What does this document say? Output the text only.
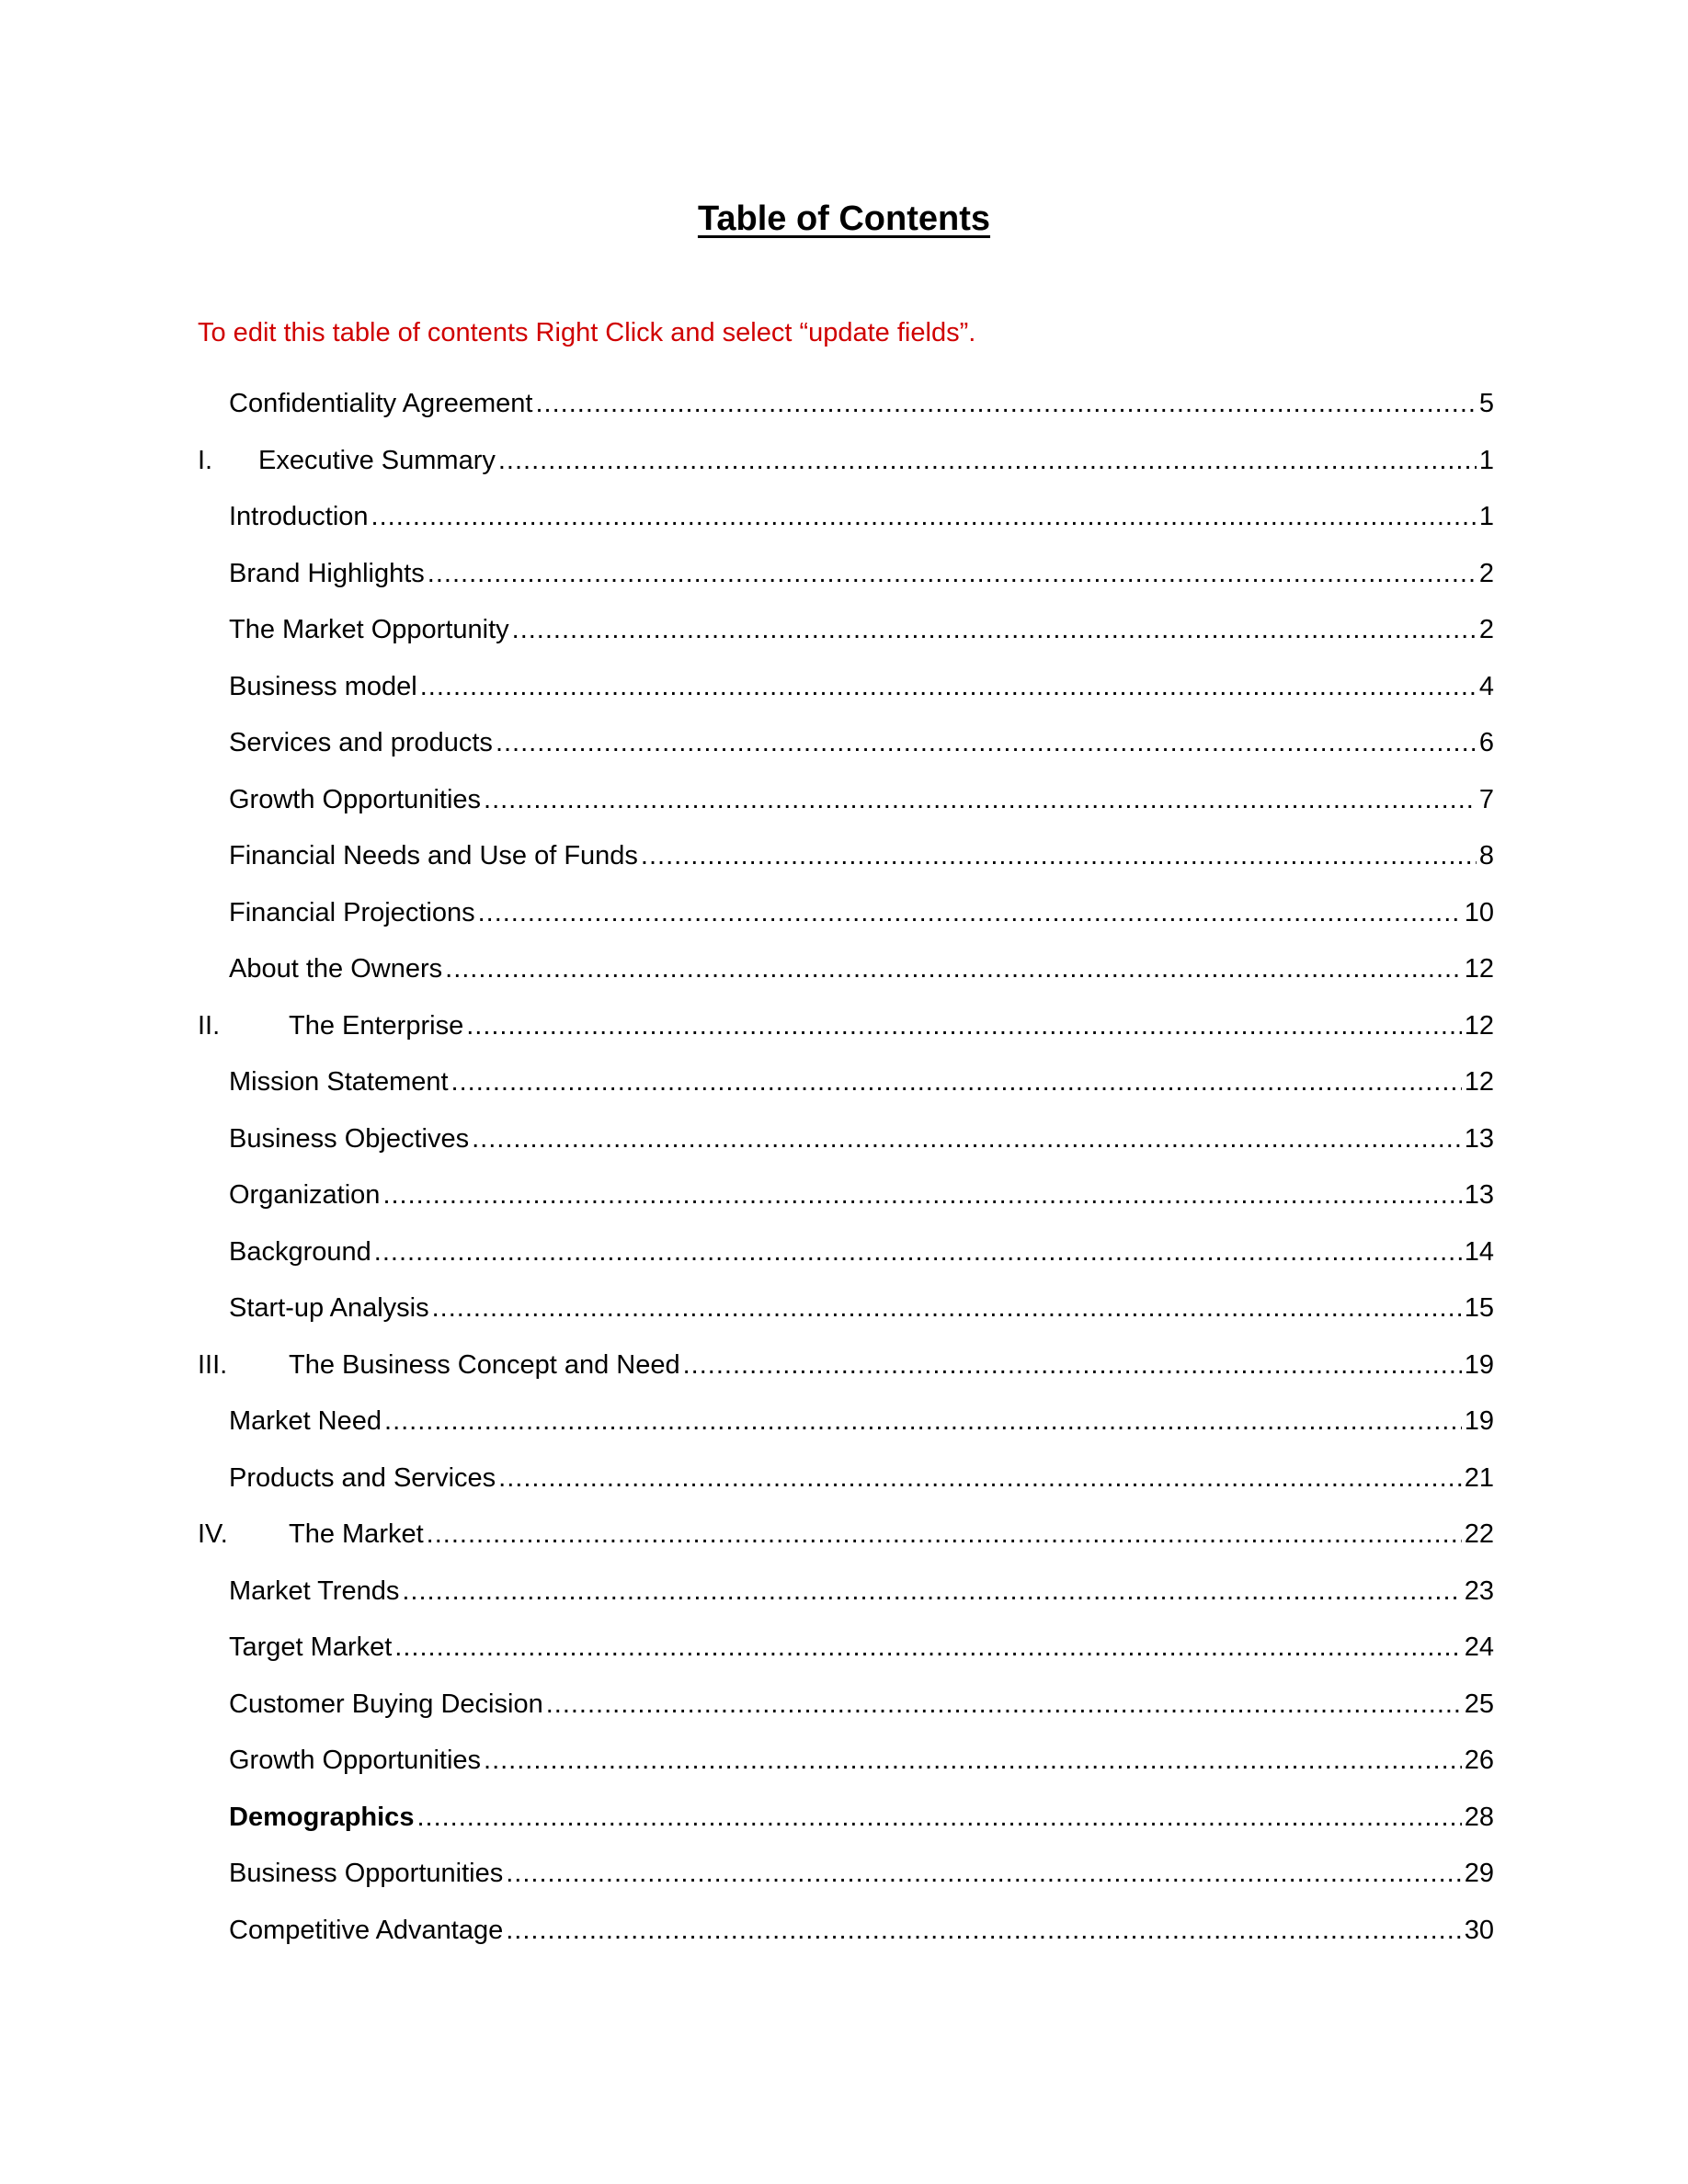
Table of Contents

To edit this table of contents Right Click and select “update fields”.

Confidentiality Agreement .....	5
I.	Executive Summary .....	1
Introduction .....	1
Brand Highlights .....	2
The Market Opportunity .....	2
Business model .....	4
Services and products .....	6
Growth Opportunities .....	7
Financial Needs and Use of Funds .....	8
Financial Projections .....	10
About the Owners .....	12
II.	The Enterprise .....	12
Mission Statement .....	12
Business Objectives .....	13
Organization .....	13
Background .....	14
Start-up Analysis .....	15
III.	The Business Concept and Need .....	19
Market Need .....	19
Products and Services .....	21
IV.	The Market .....	22
Market Trends .....	23
Target Market .....	24
Customer Buying Decision .....	25
Growth Opportunities .....	26
Demographics .....	28
Business Opportunities .....	29
Competitive Advantage .....	30
